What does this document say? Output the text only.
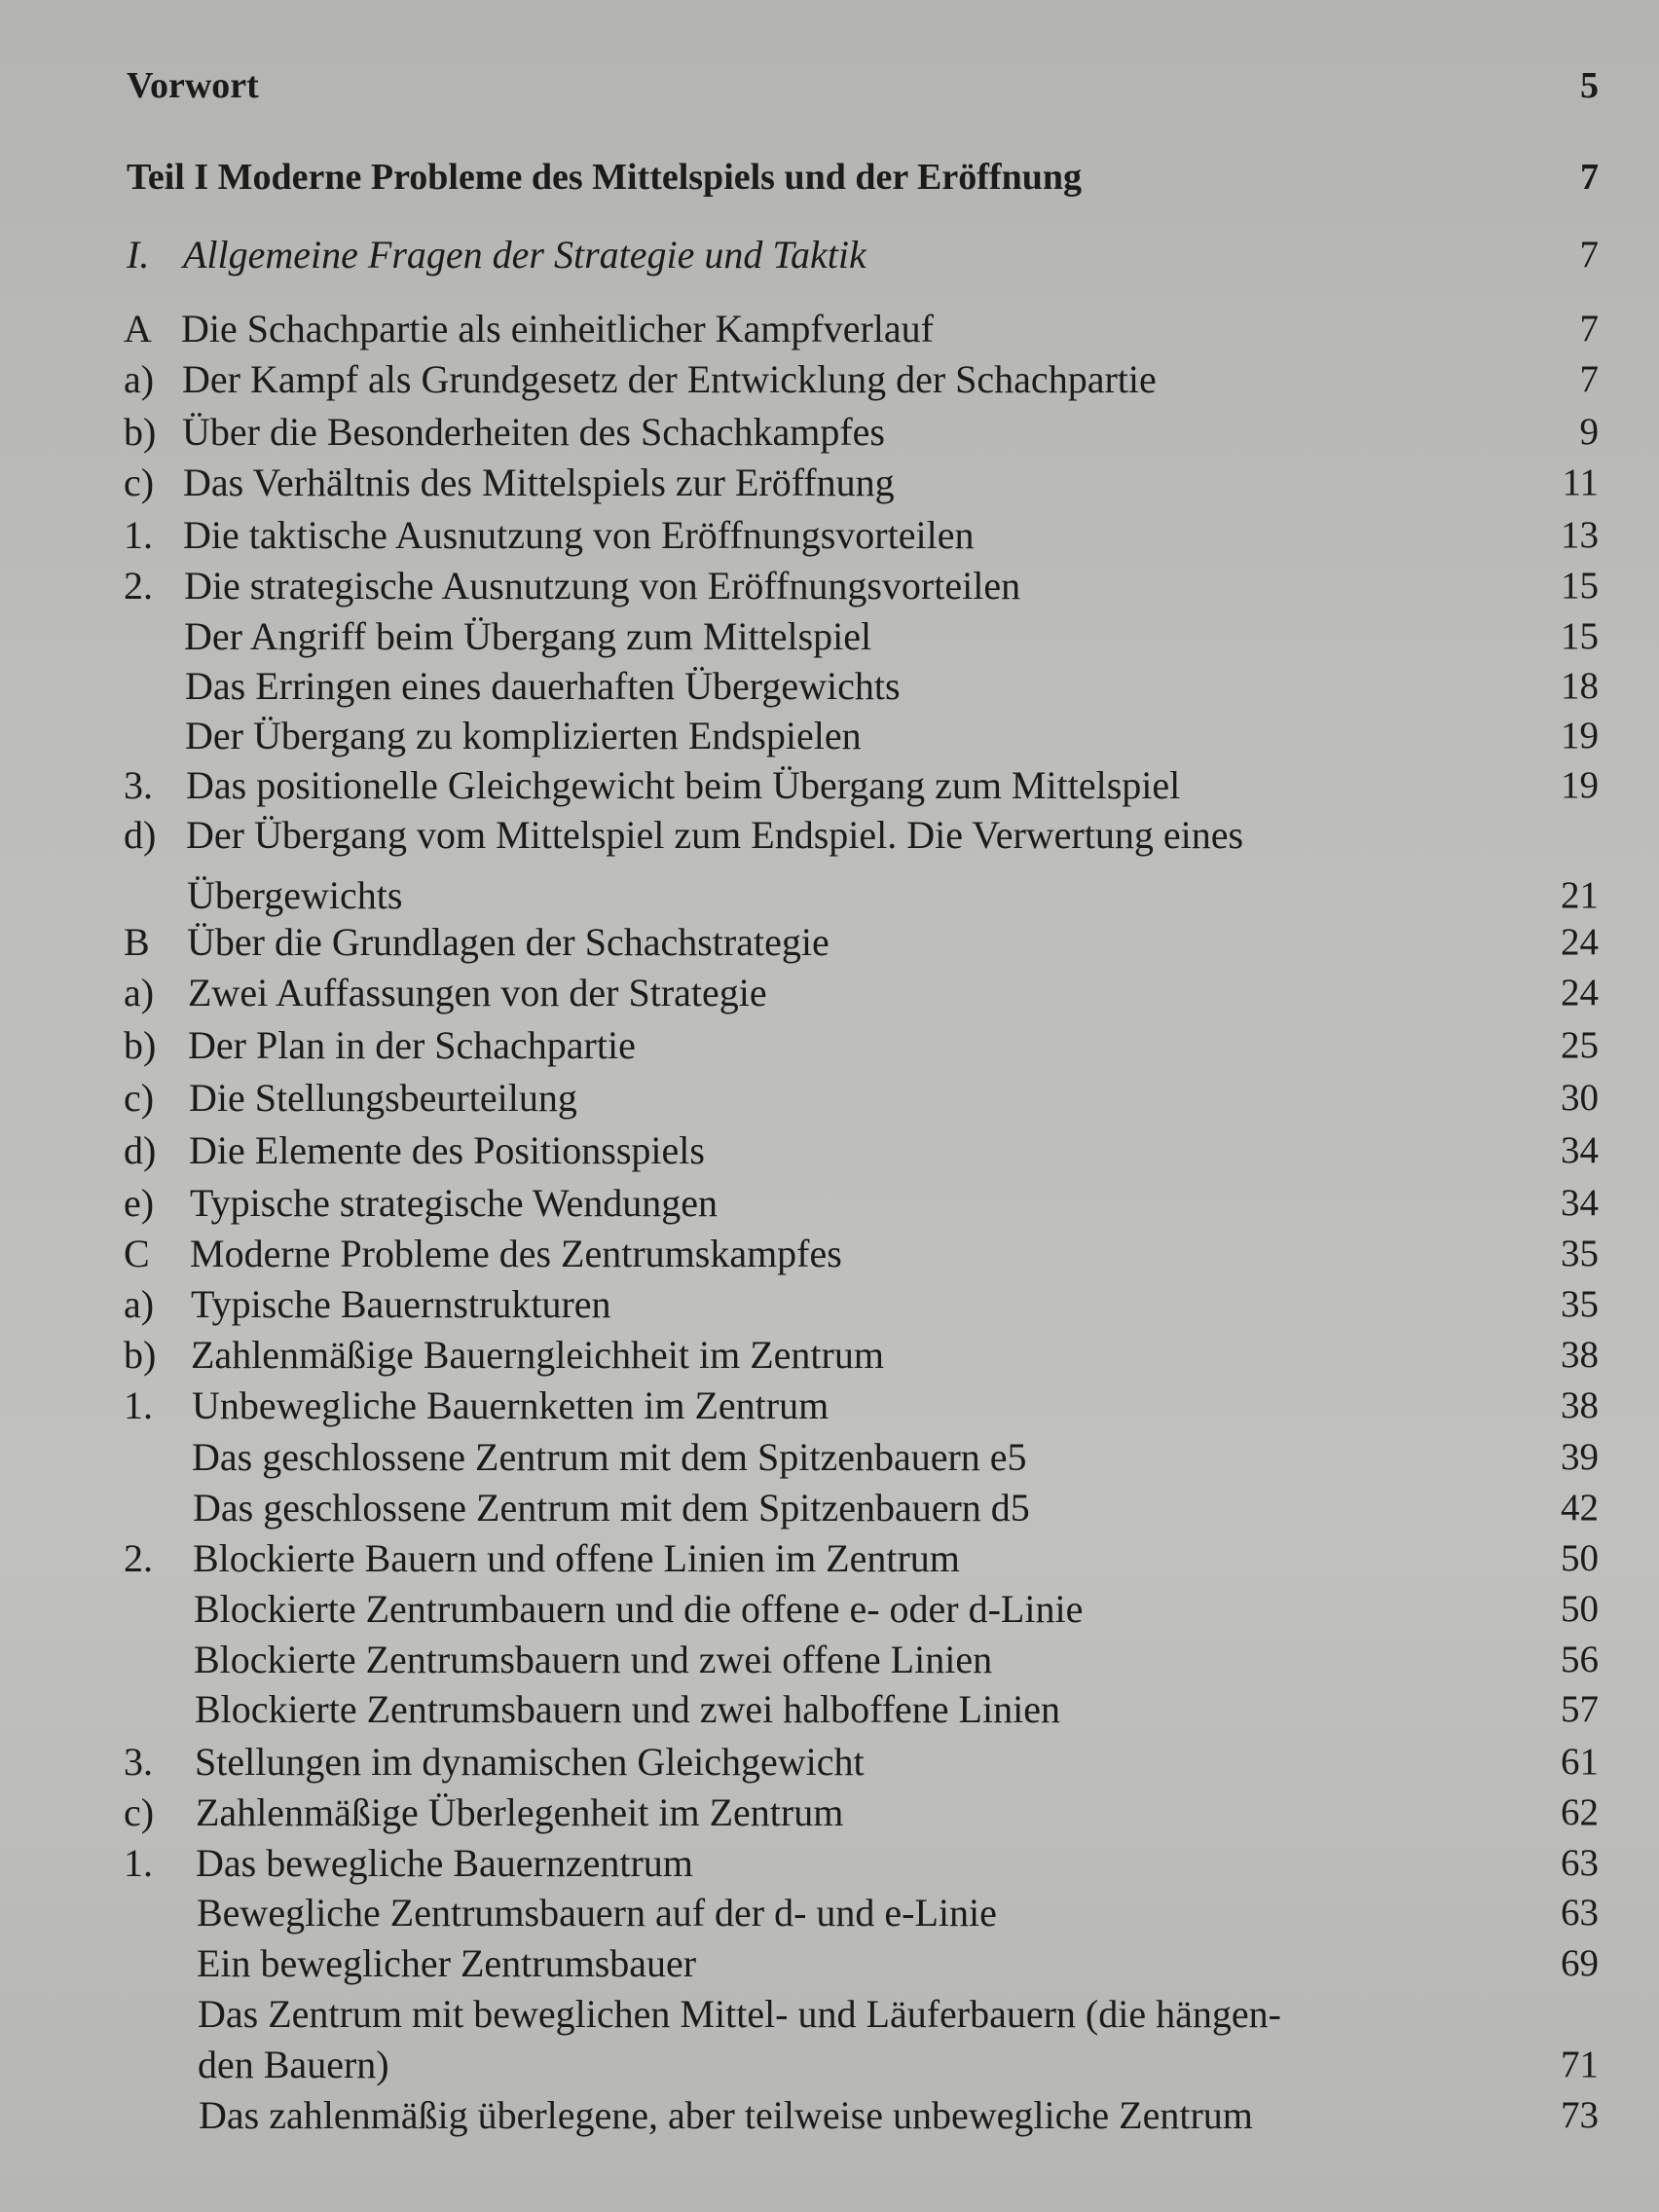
Vorwort	5
Teil I Moderne Probleme des Mittelspiels und der Eröffnung	7
I. Allgemeine Fragen der Strategie und Taktik	7
A Die Schachpartie als einheitlicher Kampfverlauf	7
a) Der Kampf als Grundgesetz der Entwicklung der Schachpartie	7
b) Über die Besonderheiten des Schachkampfes	9
c) Das Verhältnis des Mittelspiels zur Eröffnung	11
1. Die taktische Ausnutzung von Eröffnungsvorteilen	13
2. Die strategische Ausnutzung von Eröffnungsvorteilen	15
Der Angriff beim Übergang zum Mittelspiel	15
Das Erringen eines dauerhaften Übergewichts	18
Der Übergang zu komplizierten Endspielen	19
3. Das positionelle Gleichgewicht beim Übergang zum Mittelspiel	19
d) Der Übergang vom Mittelspiel zum Endspiel. Die Verwertung eines
Übergewichts	21
B Über die Grundlagen der Schachstrategie	24
a) Zwei Auffassungen von der Strategie	24
b) Der Plan in der Schachpartie	25
c) Die Stellungsbeurteilung	30
d) Die Elemente des Positionsspiels	34
e) Typische strategische Wendungen	34
C Moderne Probleme des Zentrumskampfes	35
a) Typische Bauernstrukturen	35
b) Zahlenmäßige Bauerngleichheit im Zentrum	38
1. Unbewegliche Bauernketten im Zentrum	38
Das geschlossene Zentrum mit dem Spitzenbauern e5	39
Das geschlossene Zentrum mit dem Spitzenbauern d5	42
2. Blockierte Bauern und offene Linien im Zentrum	50
Blockierte Zentrumbauern und die offene e- oder d-Linie	50
Blockierte Zentrumsbauern und zwei offene Linien	56
Blockierte Zentrumsbauern und zwei halboffene Linien	57
3. Stellungen im dynamischen Gleichgewicht	61
c) Zahlenmäßige Überlegenheit im Zentrum	62
1. Das bewegliche Bauernzentrum	63
Bewegliche Zentrumsbauern auf der d- und e-Linie	63
Ein beweglicher Zentrumsbauer	69
Das Zentrum mit beweglichen Mittel- und Läuferbauern (die hängen-
den Bauern)	71
Das zahlenmäßig überlegene, aber teilweise unbewegliche Zentrum	73
